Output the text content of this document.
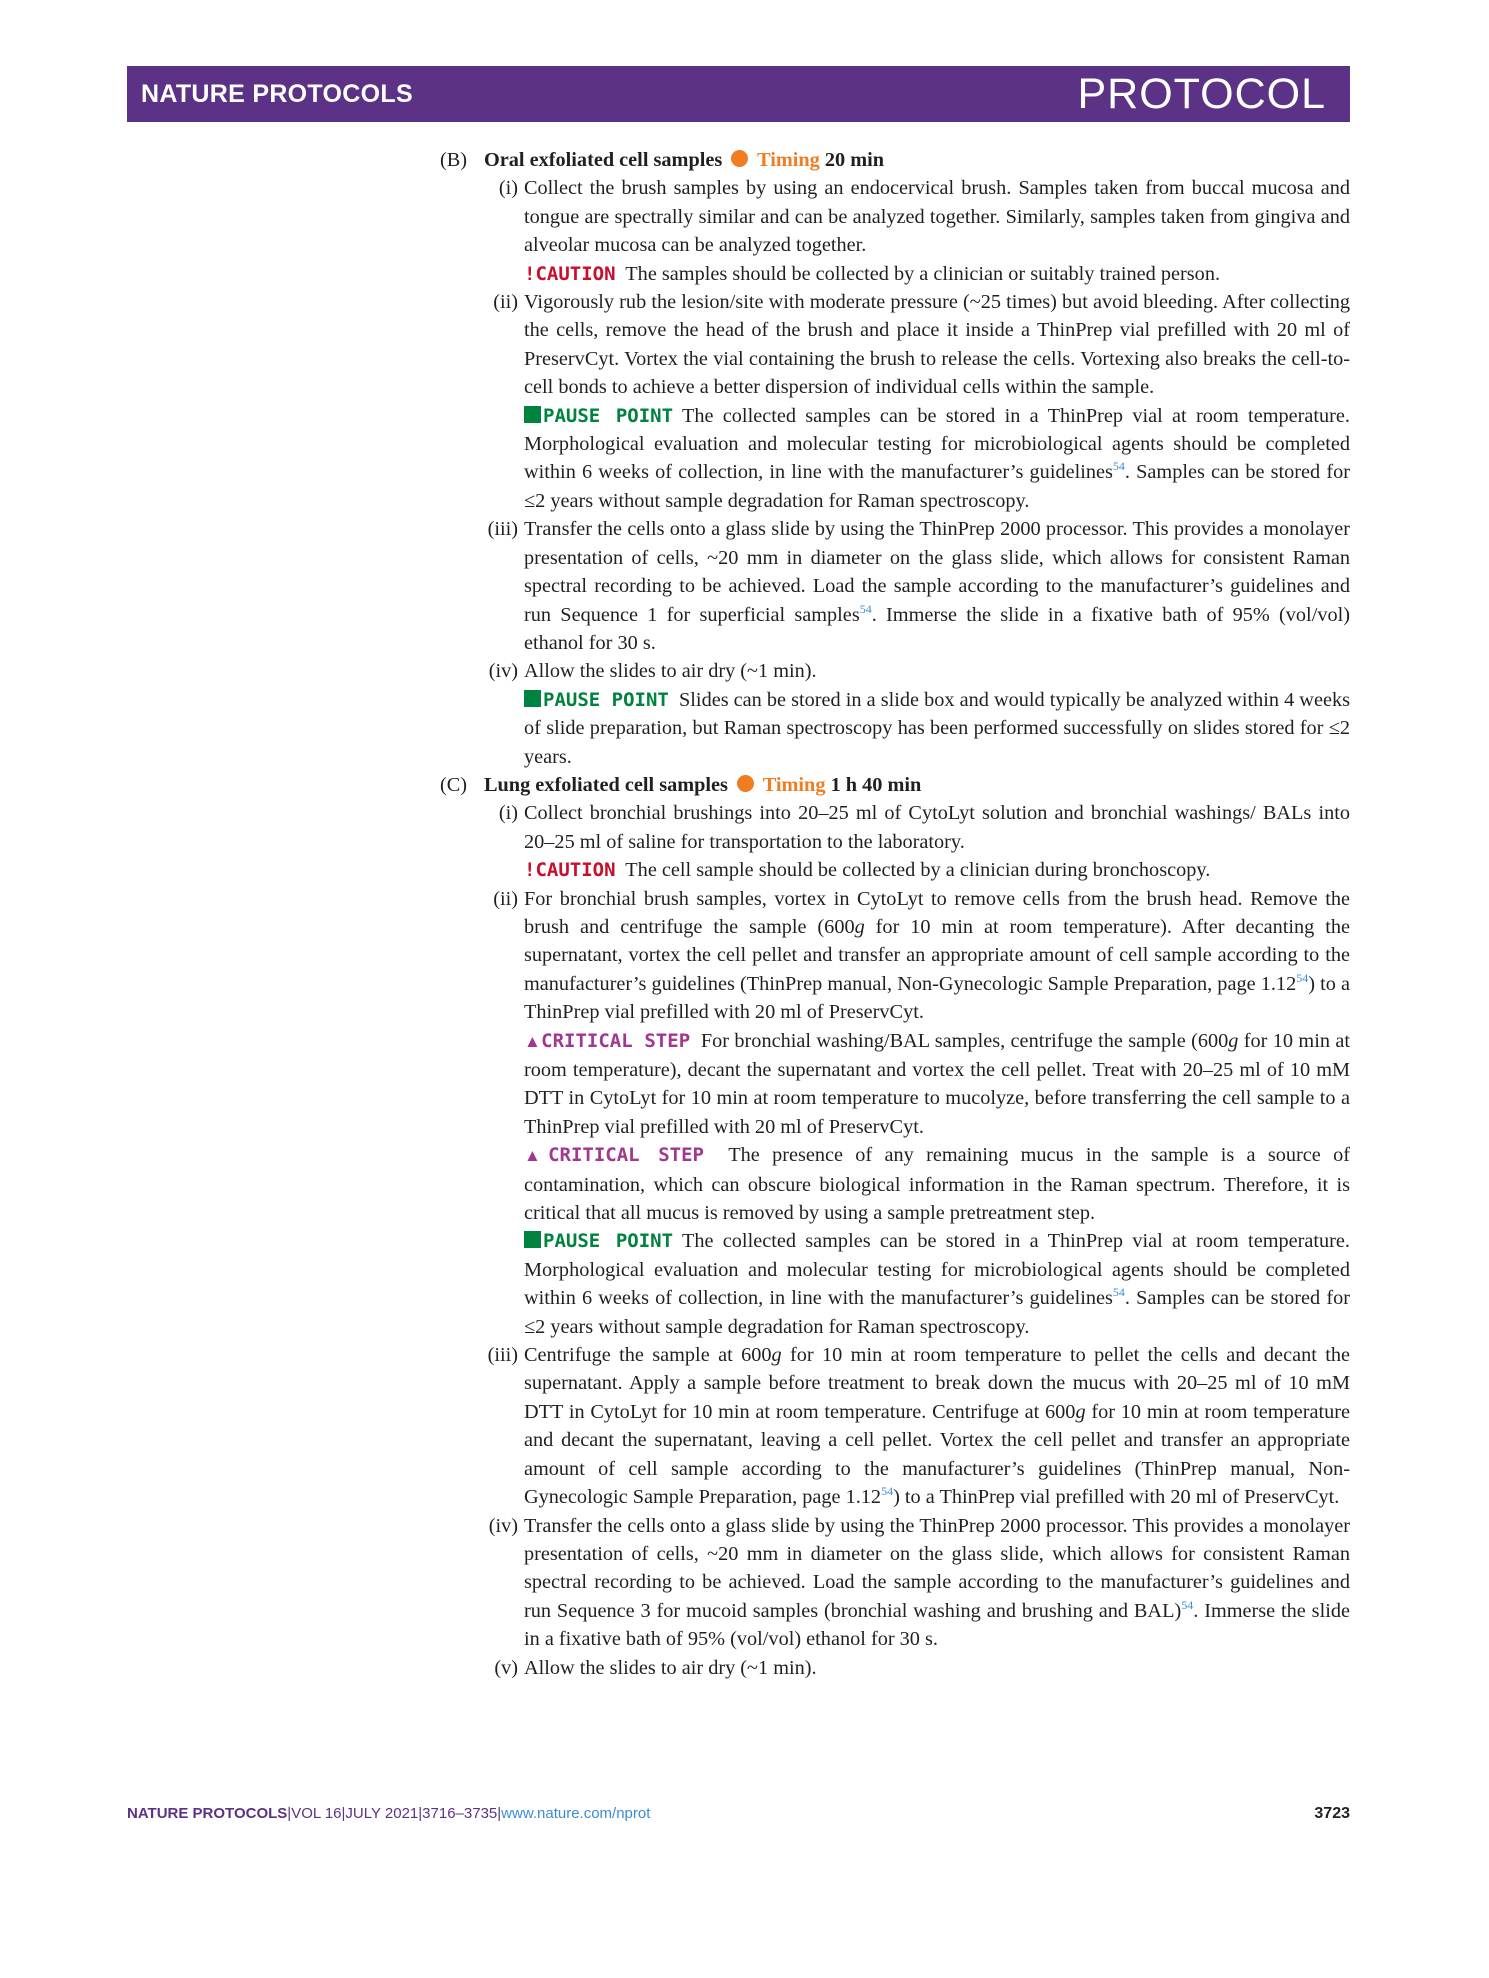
NATURE PROTOCOLS	PROTOCOL
(B) Oral exfoliated cell samples Timing 20 min
(i) Collect the brush samples by using an endocervical brush. Samples taken from buccal mucosa and tongue are spectrally similar and can be analyzed together. Similarly, samples taken from gingiva and alveolar mucosa can be analyzed together.
!CAUTION The samples should be collected by a clinician or suitably trained person.
(ii) Vigorously rub the lesion/site with moderate pressure (~25 times) but avoid bleeding. After collecting the cells, remove the head of the brush and place it inside a ThinPrep vial prefilled with 20 ml of PreservCyt. Vortex the vial containing the brush to release the cells. Vortexing also breaks the cell-to-cell bonds to achieve a better dispersion of individual cells within the sample.
PAUSE POINT The collected samples can be stored in a ThinPrep vial at room temperature. Morphological evaluation and molecular testing for microbiological agents should be completed within 6 weeks of collection, in line with the manufacturer’s guidelines$^{54}$. Samples can be stored for ≤2 years without sample degradation for Raman spectroscopy.
(iii) Transfer the cells onto a glass slide by using the ThinPrep 2000 processor. This provides a monolayer presentation of cells, ~20 mm in diameter on the glass slide, which allows for consistent Raman spectral recording to be achieved. Load the sample according to the manufacturer’s guidelines and run Sequence 1 for superficial samples$^{54}$. Immerse the slide in a fixative bath of 95% (vol/vol) ethanol for 30 s.
(iv) Allow the slides to air dry (~1 min).
PAUSE POINT Slides can be stored in a slide box and would typically be analyzed within 4 weeks of slide preparation, but Raman spectroscopy has been performed successfully on slides stored for ≤2 years.
(C) Lung exfoliated cell samples Timing 1 h 40 min
(i) Collect bronchial brushings into 20–25 ml of CytoLyt solution and bronchial washings/ BALs into 20–25 ml of saline for transportation to the laboratory.
!CAUTION The cell sample should be collected by a clinician during bronchoscopy.
(ii) For bronchial brush samples, vortex in CytoLyt to remove cells from the brush head. Remove the brush and centrifuge the sample (600g for 10 min at room temperature). After decanting the supernatant, vortex the cell pellet and transfer an appropriate amount of cell sample according to the manufacturer’s guidelines (ThinPrep manual, Non-Gynecologic Sample Preparation, page 1.12$^{54}$) to a ThinPrep vial prefilled with 20 ml of PreservCyt.
▲CRITICAL STEP For bronchial washing/BAL samples, centrifuge the sample (600g for 10 min at room temperature), decant the supernatant and vortex the cell pellet. Treat with 20–25 ml of 10 mM DTT in CytoLyt for 10 min at room temperature to mucolyze, before transferring the cell sample to a ThinPrep vial prefilled with 20 ml of PreservCyt.
▲CRITICAL STEP The presence of any remaining mucus in the sample is a source of contamination, which can obscure biological information in the Raman spectrum. Therefore, it is critical that all mucus is removed by using a sample pretreatment step.
PAUSE POINT The collected samples can be stored in a ThinPrep vial at room temperature. Morphological evaluation and molecular testing for microbiological agents should be completed within 6 weeks of collection, in line with the manufacturer’s guidelines$^{54}$. Samples can be stored for ≤2 years without sample degradation for Raman spectroscopy.
(iii) Centrifuge the sample at 600g for 10 min at room temperature to pellet the cells and decant the supernatant. Apply a sample before treatment to break down the mucus with 20–25 ml of 10 mM DTT in CytoLyt for 10 min at room temperature. Centrifuge at 600g for 10 min at room temperature and decant the supernatant, leaving a cell pellet. Vortex the cell pellet and transfer an appropriate amount of cell sample according to the manufacturer’s guidelines (ThinPrep manual, Non-Gynecologic Sample Preparation, page 1.12$^{54}$) to a ThinPrep vial prefilled with 20 ml of PreservCyt.
(iv) Transfer the cells onto a glass slide by using the ThinPrep 2000 processor. This provides a monolayer presentation of cells, ~20 mm in diameter on the glass slide, which allows for consistent Raman spectral recording to be achieved. Load the sample according to the manufacturer’s guidelines and run Sequence 3 for mucoid samples (bronchial washing and brushing and BAL)$^{54}$. Immerse the slide in a fixative bath of 95% (vol/vol) ethanol for 30 s.
(v) Allow the slides to air dry (~1 min).
NATURE PROTOCOLS|VOL 16|JULY 2021|3716–3735|www.nature.com/nprot	3723
